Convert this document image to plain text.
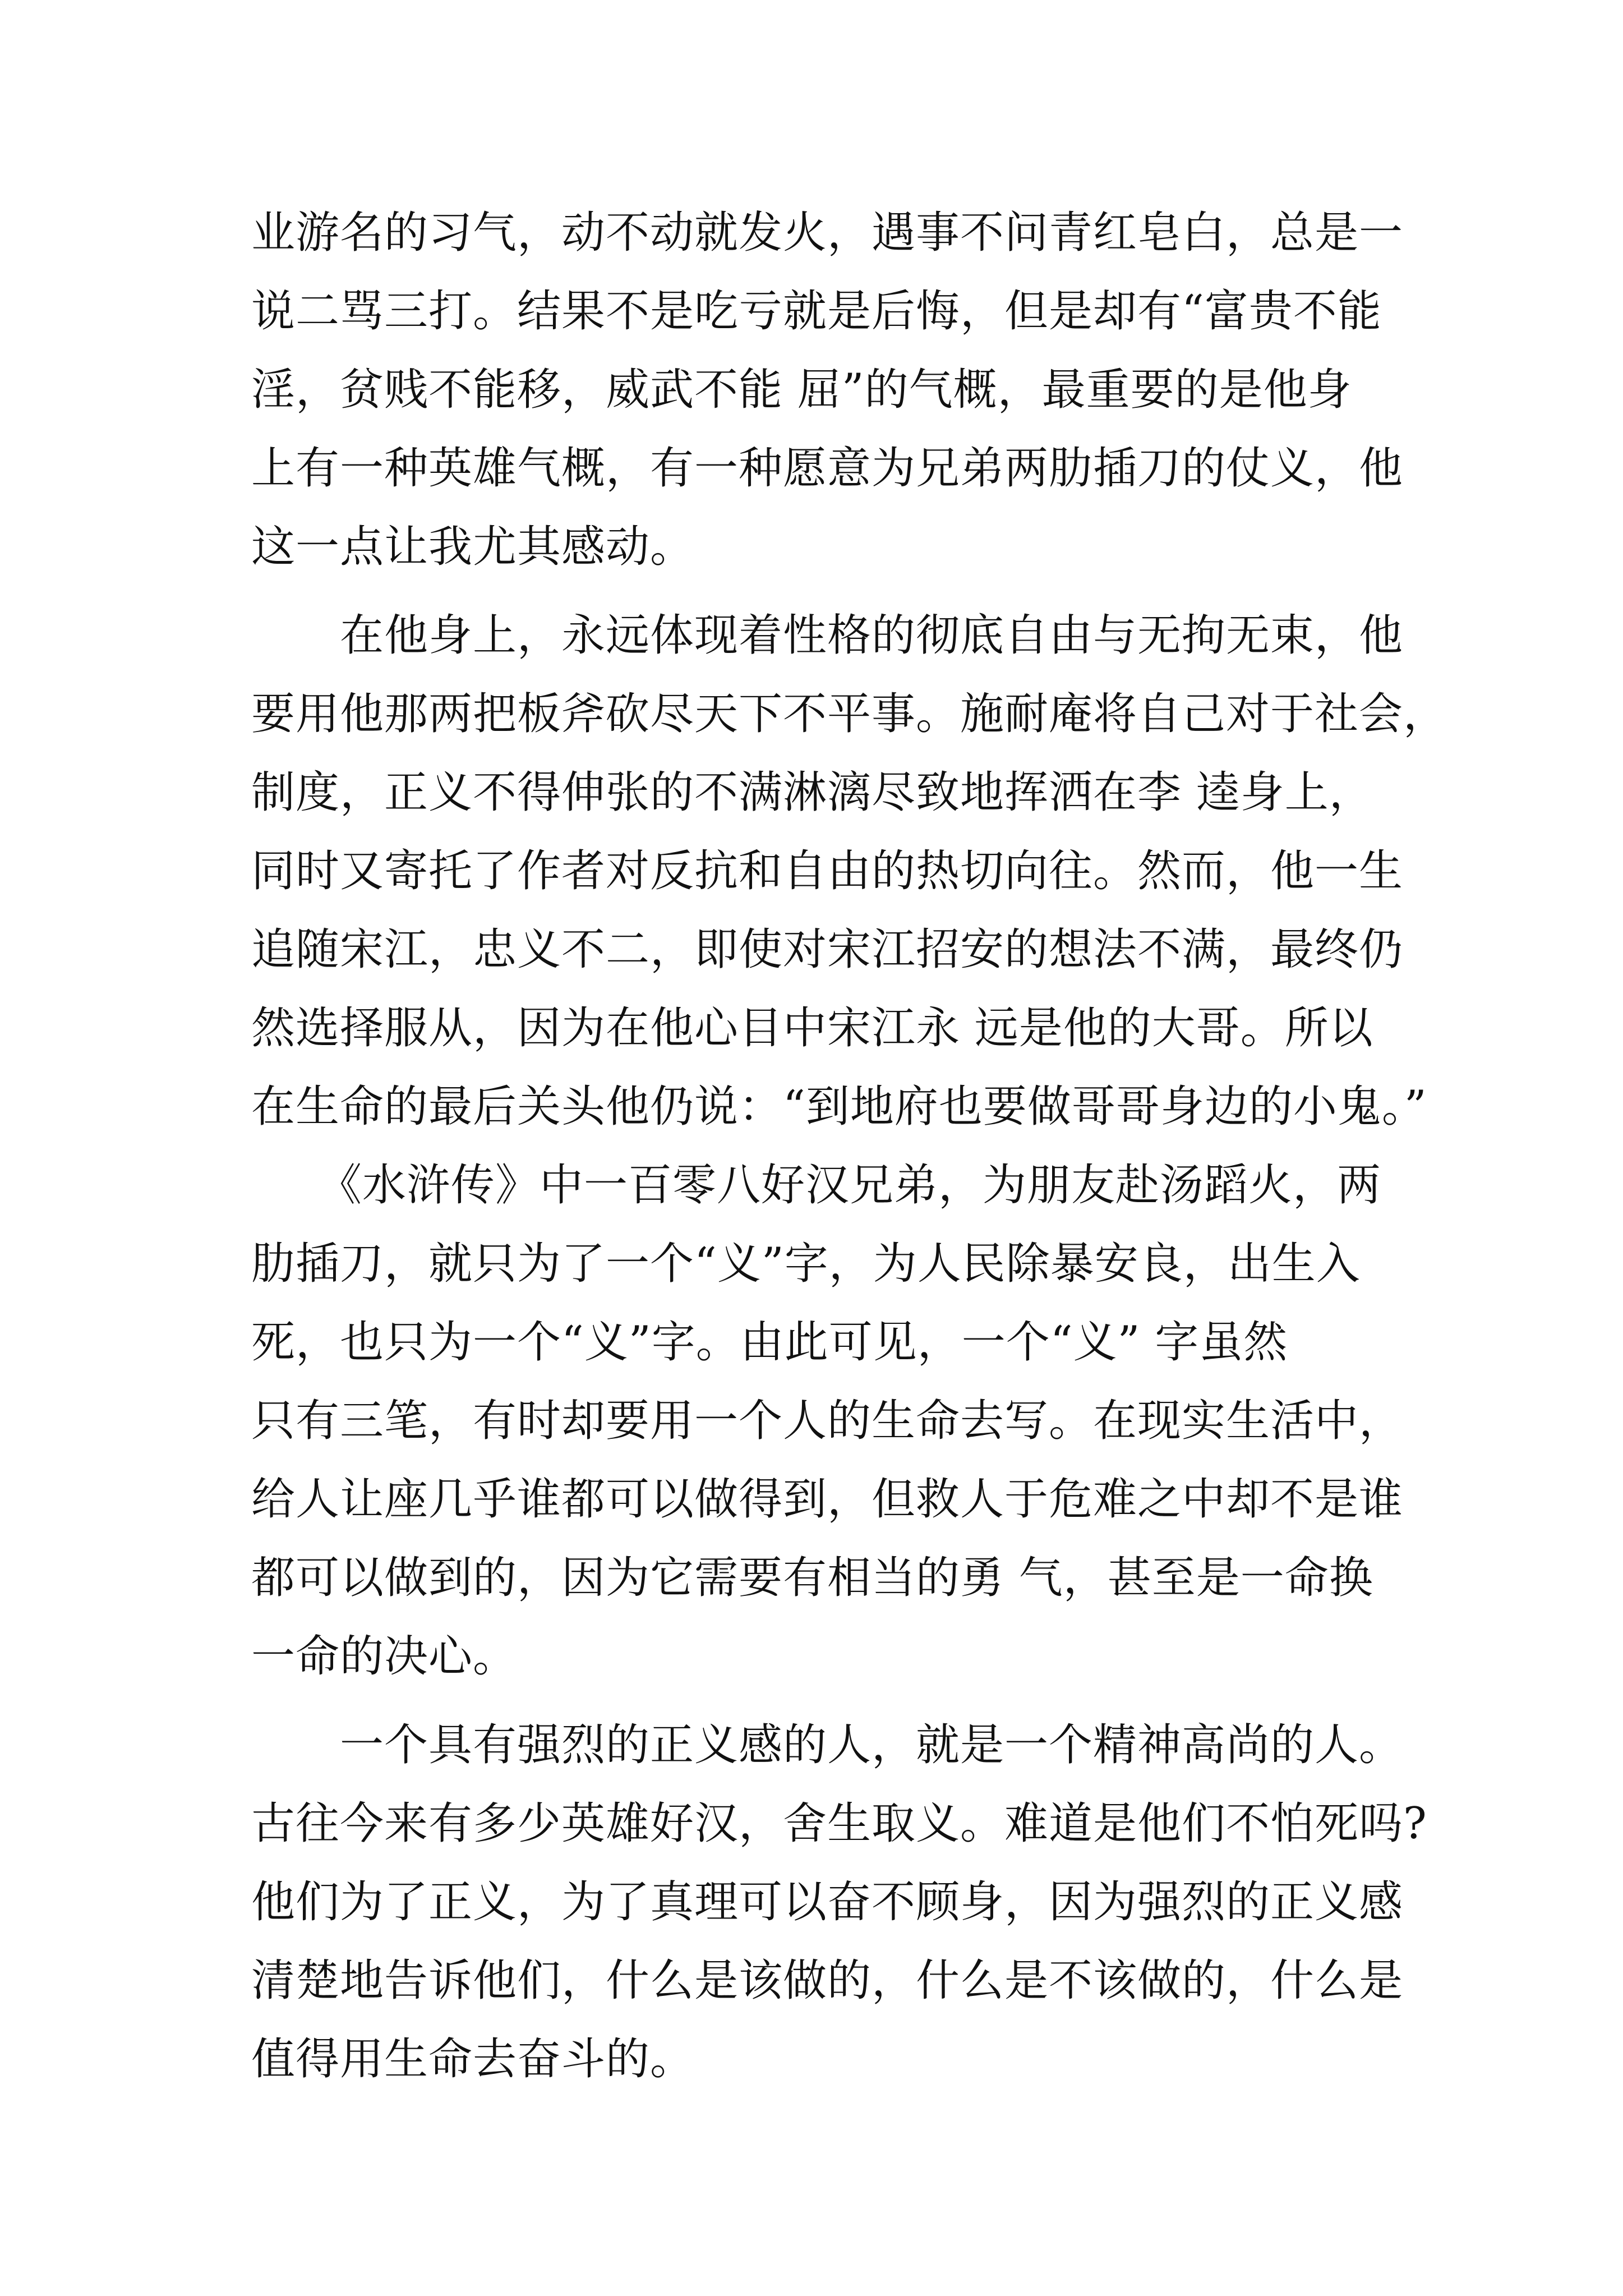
业游名的习气，动不动就发火，遇事不问青红皂白，总是一
说二骂三打。结果不是吃亏就是后悔，但是却有“富贵不能
淫，贫贱不能移，威武不能 屈”的气概，最重要的是他身
上有一种英雄气概，有一种愿意为兄弟两肋插刀的仗义，他
这一点让我尤其感动。
　　在他身上，永远体现着性格的彻底自由与无拘无束，他
要用他那两把板斧砍尽天下不平事。施耐庵将自己对于社会，
制度，正义不得伸张的不满淋漓尽致地挥洒在李 逵身上，
同时又寄托了作者对反抗和自由的热切向往。然而，他一生
追随宋江，忠义不二，即使对宋江招安的想法不满，最终仍
然选择服从，因为在他心目中宋江永 远是他的大哥。所以
在生命的最后关头他仍说：“到地府也要做哥哥身边的小鬼。”
　　《水浒传》中一百零八好汉兄弟，为朋友赴汤蹈火，两
肋插刀，就只为了一个“义”字，为人民除暴安良，出生入
死，也只为一个“义”字。由此可见，一个“义” 字虽然
只有三笔，有时却要用一个人的生命去写。在现实生活中，
给人让座几乎谁都可以做得到，但救人于危难之中却不是谁
都可以做到的，因为它需要有相当的勇 气，甚至是一命换
一命的决心。
　　一个具有强烈的正义感的人，就是一个精神高尚的人。
古往今来有多少英雄好汉，舍生取义。难道是他们不怕死吗?
他们为了正义，为了真理可以奋不顾身，因为强烈的正义感
清楚地告诉他们，什么是该做的，什么是不该做的，什么是
值得用生命去奋斗的。
